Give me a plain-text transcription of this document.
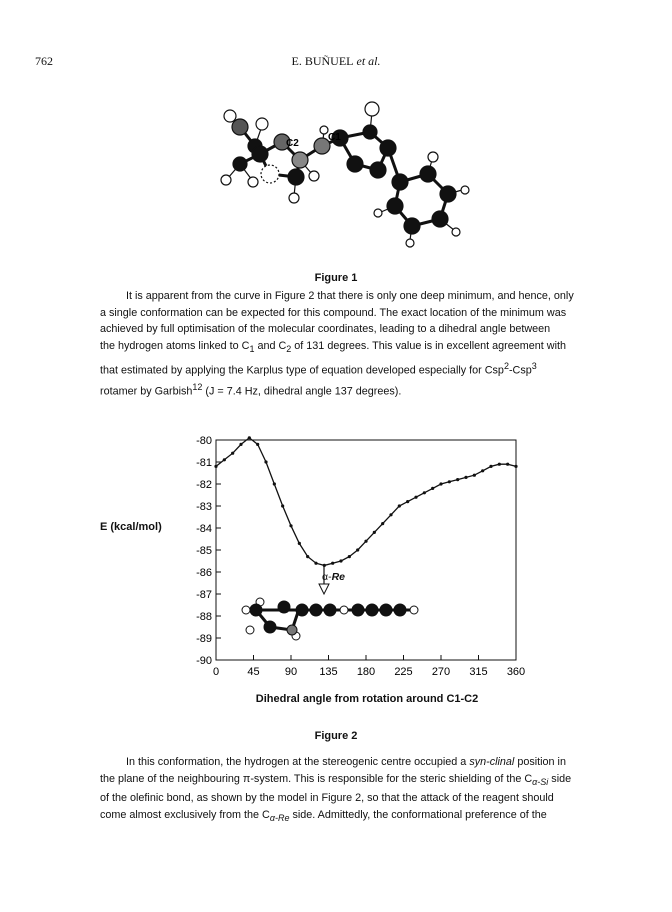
762	E. BUÑUEL et al.
C1
C2
Figure 1

It is apparent from the curve in Figure 2 that there is only one deep minimum, and hence, only

a single conformation can be expected for this compound. The exact location of the minimum was

achieved by full optimisation of the molecular coordinates, leading to a dihedral angle between

the hydrogen atoms linked to $C_1$ and $C_2$ of 131 degrees. This value is in excellent agreement with

that estimated by applying the Karplus type of equation developed especially for Csp$^2$-Csp$^3$

rotamer by Garbish$^{12}$ (J = 7.4 Hz, dihedral angle 137 degrees).

-80
-81
-82
-83
-84
-85
-86
-87
-88
-89
-90
0	45 90 135 180 225 270 315 360
E (kcal/mol)
α-Re
Dihedral angle from rotation around C1-C2
Figure 2

In this conformation, the hydrogen at the stereogenic centre occupied a syn-clinal position in

the plane of the neighbouring π-system. This is responsible for the steric shielding of the $C_{\alpha-Si}$ side

of the olefinic bond, as shown by the model in Figure 2, so that the attack of the reagent should

come almost exclusively from the $C_{\alpha-Re}$ side. Admittedly, the conformational preference of the
